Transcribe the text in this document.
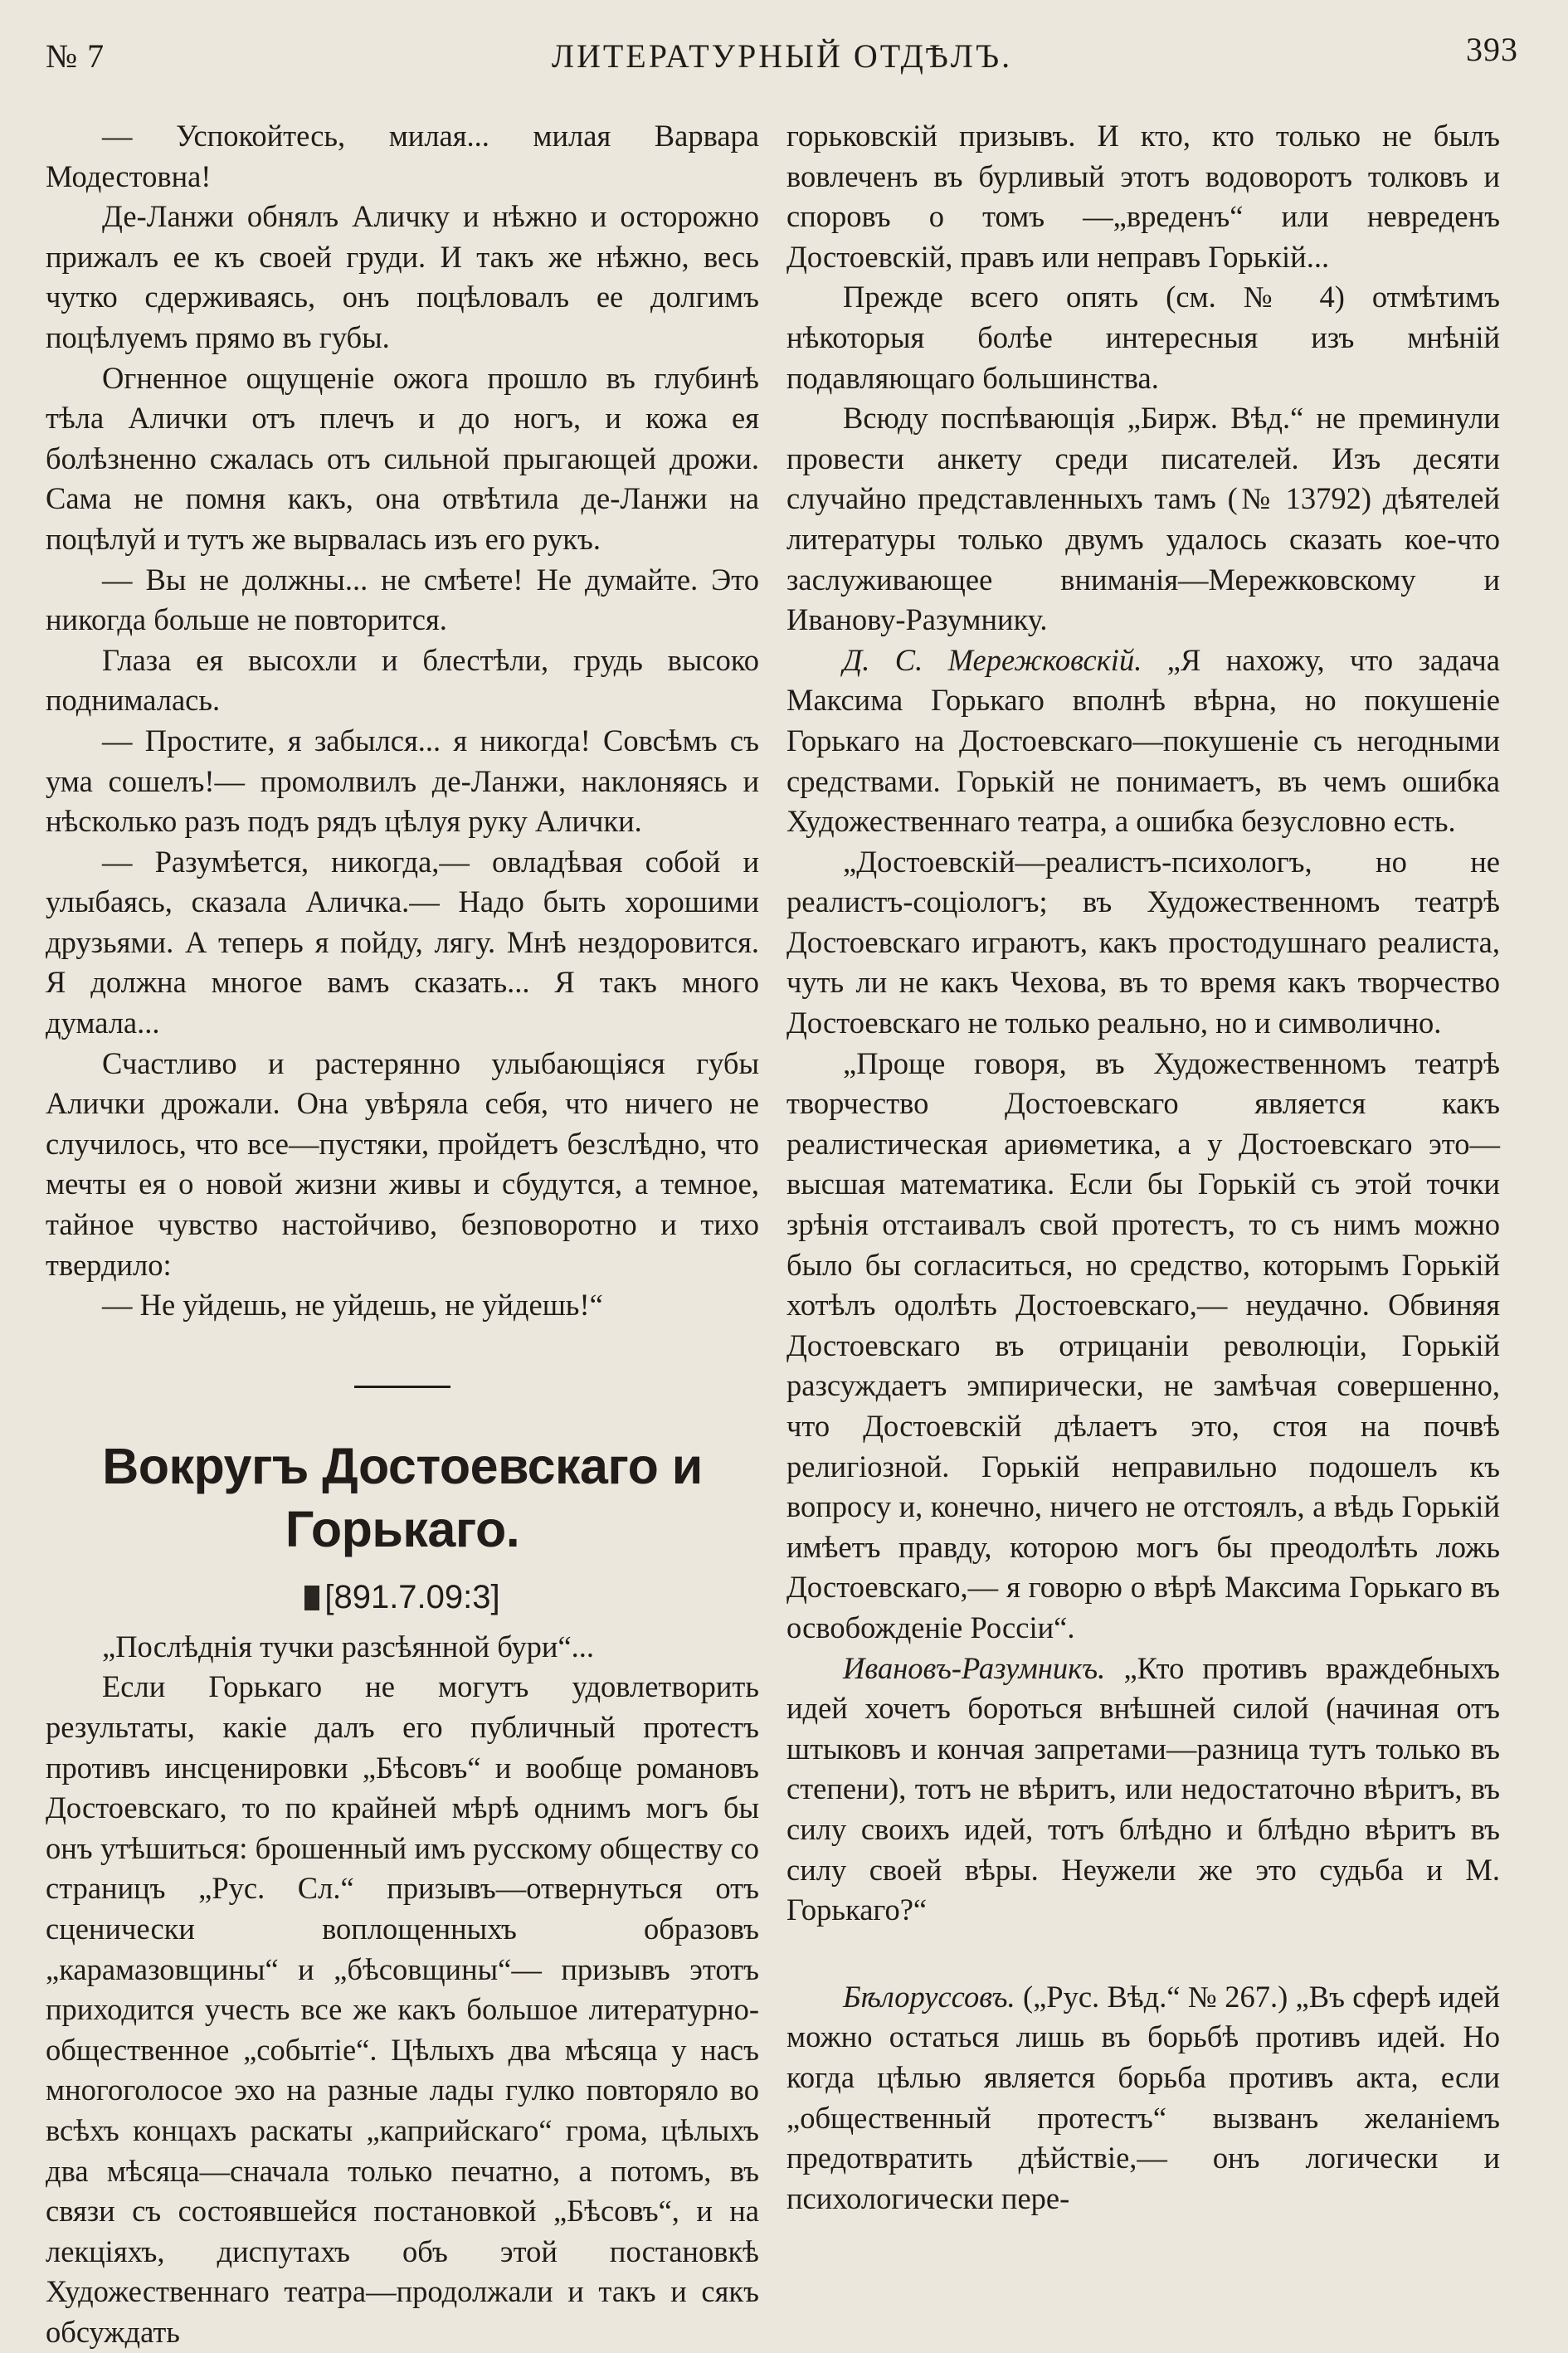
№ 7	ЛИТЕРАТУРНЫЙ ОТДѢЛЪ.	393

— Успокойтесь, милая... милая Варвара Модестовна!

Де-Ланжи обнялъ Аличку и нѣжно и осторожно прижалъ ее къ своей груди. И такъ же нѣжно, весь чутко сдерживаясь, онъ поцѣловалъ ее долгимъ поцѣлуемъ прямо въ губы.

Огненное ощущеніе ожога прошло въ глубинѣ тѣла Алички отъ плечъ и до ногъ, и кожа ея болѣзненно сжалась отъ сильной прыгающей дрожи. Сама не помня какъ, она отвѣтила де-Ланжи на поцѣлуй и тутъ же вырвалась изъ его рукъ.

— Вы не должны... не смѣете! Не думайте. Это никогда больше не повторится.

Глаза ея высохли и блестѣли, грудь высоко поднималась.

— Простите, я забылся... я никогда! Совсѣмъ съ ума сошелъ!— промолвилъ де-Ланжи, наклоняясь и нѣсколько разъ подъ рядъ цѣлуя руку Алички.

— Разумѣется, никогда,— овладѣвая собой и улыбаясь, сказала Аличка.— Надо быть хорошими друзьями. А теперь я пойду, лягу. Мнѣ нездоровится. Я должна многое вамъ сказать... Я такъ много думала...

Счастливо и растерянно улыбающіяся губы Алички дрожали. Она увѣряла себя, что ничего не случилось, что все—пустяки, пройдетъ безслѣдно, что мечты ея о новой жизни живы и сбудутся, а темное, тайное чувство настойчиво, безповоротно и тихо твердило:

— Не уйдешь, не уйдешь, не уйдешь!“

Вокругъ Достоевскаго и Горькаго.
[891.7.09:3]

„Послѣднія тучки разсѣянной бури“...

Если Горькаго не могутъ удовлетворить результаты, какіе далъ его публичный протестъ противъ инсценировки „Бѣсовъ“ и вообще романовъ Достоевскаго, то по крайней мѣрѣ однимъ могъ бы онъ утѣшиться: брошенный имъ русскому обществу со страницъ „Рус. Сл.“ призывъ—отвернуться отъ сценически воплощенныхъ образовъ „карамазовщины“ и „бѣсовщины“— призывъ этотъ приходится учесть все же какъ большое литературно-общественное „событіе“. Цѣлыхъ два мѣсяца у насъ многоголосое эхо на разные лады гулко повторяло во всѣхъ концахъ раскаты „каприйскаго“ грома, цѣлыхъ два мѣсяца—сначала только печатно, а потомъ, въ связи съ состоявшейся постановкой „Бѣсовъ“, и на лекціяхъ, диспутахъ объ этой постановкѣ Художественнаго театра—продолжали и такъ и сякъ обсуждать

горьковскій призывъ. И кто, кто только не былъ вовлеченъ въ бурливый этотъ водоворотъ толковъ и споровъ о томъ —„вреденъ“ или невреденъ Достоевскій, правъ или неправъ Горькій...

Прежде всего опять (см. № 4) отмѣтимъ нѣкоторыя болѣе интересныя изъ мнѣній подавляющаго большинства.

Всюду поспѣвающія „Бирж. Вѣд.“ не преминули провести анкету среди писателей. Изъ десяти случайно представленныхъ тамъ (№ 13792) дѣятелей литературы только двумъ удалось сказать кое-что заслуживающее вниманія—Мережковскому и Иванову-Разумнику.

Д. С. Мережковскій. „Я нахожу, что задача Максима Горькаго вполнѣ вѣрна, но покушеніе Горькаго на Достоевскаго—покушеніе съ негодными средствами. Горькій не понимаетъ, въ чемъ ошибка Художественнаго театра, а ошибка безусловно есть.

„Достоевскій—реалистъ-психологъ, но не реалистъ-соціологъ; въ Художественномъ театрѣ Достоевскаго играютъ, какъ простодушнаго реалиста, чуть ли не какъ Чехова, въ то время какъ творчество Достоевскаго не только реально, но и символично.

„Проще говоря, въ Художественномъ театрѣ творчество Достоевскаго является какъ реалистическая ариѳметика, а у Достоевскаго это—высшая математика. Если бы Горькій съ этой точки зрѣнія отстаивалъ свой протестъ, то съ нимъ можно было бы согласиться, но средство, которымъ Горькій хотѣлъ одолѣть Достоевскаго,— неудачно. Обвиняя Достоевскаго въ отрицаніи революціи, Горькій разсуждаетъ эмпирически, не замѣчая совершенно, что Достоевскій дѣлаетъ это, стоя на почвѣ религіозной. Горькій неправильно подошелъ къ вопросу и, конечно, ничего не отстоялъ, а вѣдь Горькій имѣетъ правду, которою могъ бы преодолѣть ложь Достоевскаго,— я говорю о вѣрѣ Максима Горькаго въ освобожденіе Россіи“.

Ивановъ-Разумникъ. „Кто противъ враждебныхъ идей хочетъ бороться внѣшней силой (начиная отъ штыковъ и кончая запретами—разница тутъ только въ степени), тотъ не вѣритъ, или недостаточно вѣритъ, въ силу своихъ идей, тотъ блѣдно и блѣдно вѣритъ въ силу своей вѣры. Неужели же это судьба и М. Горькаго?“

Бѣлоруссовъ. („Рус. Вѣд.“ № 267.) „Въ сферѣ идей можно остаться лишь въ борьбѣ противъ идей. Но когда цѣлью является борьба противъ акта, если „общественный протестъ“ вызванъ желаніемъ предотвратить дѣйствіе,— онъ логически и психологически пере-
